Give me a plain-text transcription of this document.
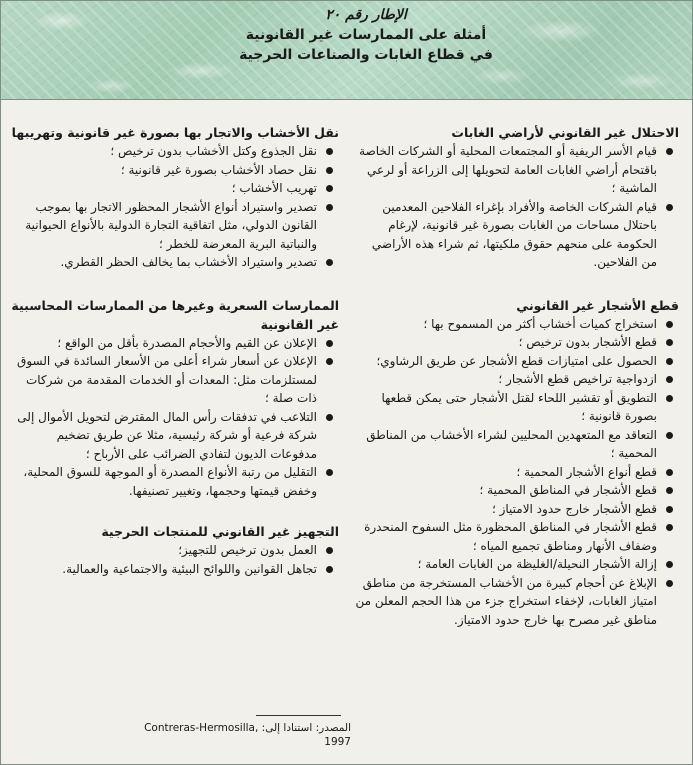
الإطار رقم ٢٠
أمثلة على الممارسات غير القانونية
في قطاع الغابات والصناعات الحرجية
الاحتلال غير القانوني لأراضي الغابات
قيام الأسر الريفية أو المجتمعات المحلية أو الشركات الخاصة باقتحام أراضي الغابات العامة لتحويلها إلى الزراعة أو لرعي الماشية ؛
قيام الشركات الخاصة والأفراد بإغراء الفلاحين المعدمين باحتلال مساحات من الغابات بصورة غير قانونية، لإرغام الحكومة على منحهم حقوق ملكيتها، ثم شراء هذه الأراضي من الفلاحين.
قطع الأشجار غير القانوني
استخراج كميات أخشاب أكثر من المسموح بها ؛
قطع الأشجار بدون ترخيص ؛
الحصول على امتيازات قطع الأشجار عن طريق الرشاوي؛
ازدواجية تراخيص قطع الأشجار ؛
التطويق أو تقشير اللحاء لقتل الأشجار حتى يمكن قطعها بصورة قانونية ؛
التعاقد مع المتعهدين المحليين لشراء الأخشاب من المناطق المحمية ؛
قطع أنواع الأشجار المحمية ؛
قطع الأشجار في المناطق المحمية ؛
قطع الأشجار خارج حدود الامتياز ؛
قطع الأشجار في المناطق المحظورة مثل السفوح المنحدرة وضفاف الأنهار ومناطق تجميع المياه ؛
إزالة الأشجار النحيلة/الغليظة من الغابات العامة ؛
الإبلاغ عن أحجام كبيرة من الأخشاب المستخرجة من مناطق امتياز الغابات، لإخفاء استخراج جزء من هذا الحجم المعلن من مناطق غير مصرح بها خارج حدود الامتياز.
نقل الأخشاب والاتجار بها بصورة غير قانونية وتهريبها
نقل الجذوع وكتل الأخشاب بدون ترخيص ؛
نقل حصاد الأخشاب بصورة غير قانونية ؛
تهريب الأخشاب ؛
تصدير واستيراد أنواع الأشجار المحظور الاتجار بها بموجب القانون الدولي، مثل اتفاقية التجارة الدولية بالأنواع الحيوانية والنباتية البرية المعرضة للخطر ؛
تصدير واستيراد الأخشاب بما يخالف الحظر القطري.
الممارسات السعرية وغيرها من الممارسات المحاسبية غير القانونية
الإعلان عن القيم والأحجام المصدرة بأقل من الواقع ؛
الإعلان عن أسعار شراء أعلى من الأسعار السائدة في السوق لمستلزمات مثل: المعدات أو الخدمات المقدمة من شركات ذات صلة ؛
التلاعب في تدفقات رأس المال المقترض لتحويل الأموال إلى شركة فرعية أو شركة رئيسية، مثلا عن طريق تضخيم مدفوعات الديون لتفادي الضرائب على الأرباح ؛
التقليل من رتبة الأنواع المصدرة أو الموجهة للسوق المحلية، وخفض قيمتها وحجمها، وتغيير تصنيفها.
التجهيز غير القانوني للمنتجات الحرجية
العمل بدون ترخيص للتجهيز؛
تجاهل القوانين واللوائح البيئية والاجتماعية والعمالية.
المصدر: استنادا إلى: Contreras-Hermosilla, 1997
